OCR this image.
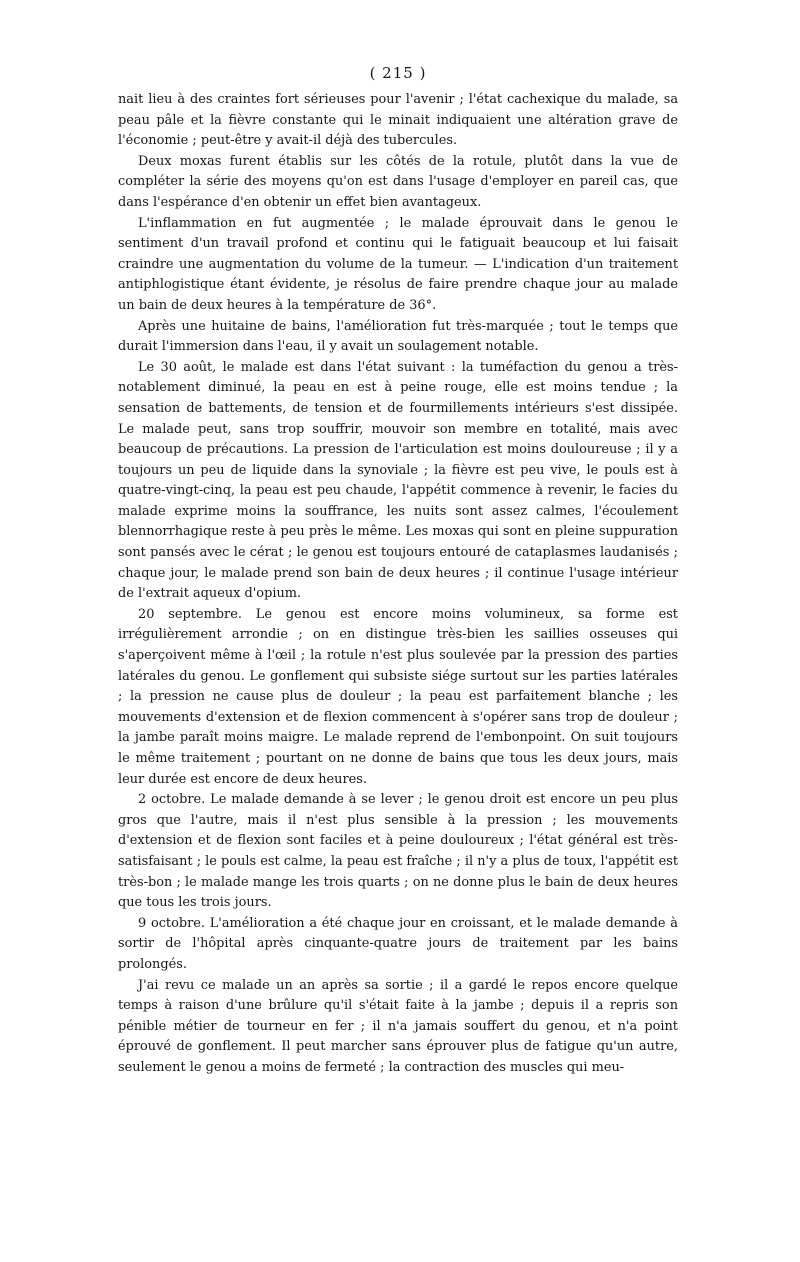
( 215 )

nait lieu à des craintes fort sérieuses pour l'avenir ; l'état cachexique du malade, sa peau pâle et la fièvre constante qui le minait indiquaient une altération grave de l'économie ; peut-être y avait-il déjà des tubercules.

Deux moxas furent établis sur les côtés de la rotule, plutôt dans la vue de compléter la série des moyens qu'on est dans l'usage d'employer en pareil cas, que dans l'espérance d'en obtenir un effet bien avantageux.

L'inflammation en fut augmentée ; le malade éprouvait dans le genou le sentiment d'un travail profond et continu qui le fatiguait beaucoup et lui faisait craindre une augmentation du volume de la tumeur. — L'indication d'un traitement antiphlogistique étant évidente, je résolus de faire prendre chaque jour au malade un bain de deux heures à la température de 36°.

Après une huitaine de bains, l'amélioration fut très-marquée ; tout le temps que durait l'immersion dans l'eau, il y avait un soulagement notable.

Le 30 août, le malade est dans l'état suivant : la tuméfaction du genou a très-notablement diminué, la peau en est à peine rouge, elle est moins tendue ; la sensation de battements, de tension et de fourmillements intérieurs s'est dissipée. Le malade peut, sans trop souffrir, mouvoir son membre en totalité, mais avec beaucoup de précautions. La pression de l'articulation est moins douloureuse ; il y a toujours un peu de liquide dans la synoviale ; la fièvre est peu vive, le pouls est à quatre-vingt-cinq, la peau est peu chaude, l'appétit commence à revenir, le facies du malade exprime moins la souffrance, les nuits sont assez calmes, l'écoulement blennorrhagique reste à peu près le même. Les moxas qui sont en pleine suppuration sont pansés avec le cérat ; le genou est toujours entouré de cataplasmes laudanisés ; chaque jour, le malade prend son bain de deux heures ; il continue l'usage intérieur de l'extrait aqueux d'opium.

20 septembre. Le genou est encore moins volumineux, sa forme est irrégulièrement arrondie ; on en distingue très-bien les saillies osseuses qui s'aperçoivent même à l'œil ; la rotule n'est plus soulevée par la pression des parties latérales du genou. Le gonflement qui subsiste siége surtout sur les parties latérales ; la pression ne cause plus de douleur ; la peau est parfaitement blanche ; les mouvements d'extension et de flexion commencent à s'opérer sans trop de douleur ; la jambe paraît moins maigre. Le malade reprend de l'embonpoint. On suit toujours le même traitement ; pourtant on ne donne de bains que tous les deux jours, mais leur durée est encore de deux heures.

2 octobre. Le malade demande à se lever ; le genou droit est encore un peu plus gros que l'autre, mais il n'est plus sensible à la pression ; les mouvements d'extension et de flexion sont faciles et à peine douloureux ; l'état général est très-satisfaisant ; le pouls est calme, la peau est fraîche ; il n'y a plus de toux, l'appétit est très-bon ; le malade mange les trois quarts ; on ne donne plus le bain de deux heures que tous les trois jours.

9 octobre. L'amélioration a été chaque jour en croissant, et le malade demande à sortir de l'hôpital après cinquante-quatre jours de traitement par les bains prolongés.

J'ai revu ce malade un an après sa sortie ; il a gardé le repos encore quelque temps à raison d'une brûlure qu'il s'était faite à la jambe ; depuis il a repris son pénible métier de tourneur en fer ; il n'a jamais souffert du genou, et n'a point éprouvé de gonflement. Il peut marcher sans éprouver plus de fatigue qu'un autre, seulement le genou a moins de fermeté ; la contraction des muscles qui meu-
